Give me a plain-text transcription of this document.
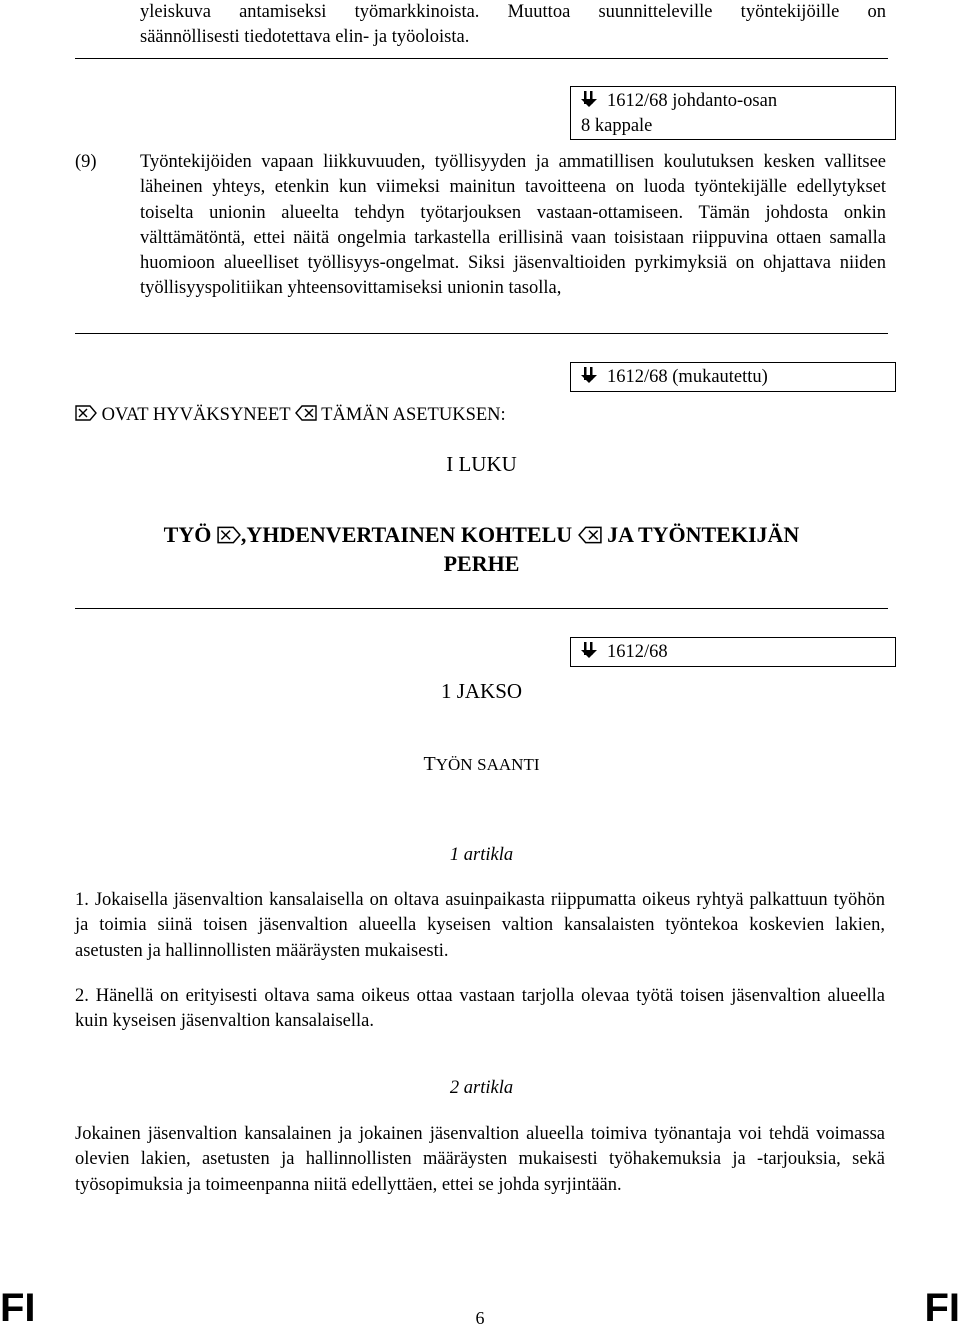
yleiskuva antamiseksi työmarkkinoista. Muuttoa suunnitteleville työntekijöille on
säännöllisesti tiedotettava elin- ja työoloista.
1612/68 johdanto-osan
8 kappale
(9) Työntekijöiden vapaan liikkuvuuden, työllisyyden ja ammatillisen koulutuksen kesken vallitsee läheinen yhteys, etenkin kun viimeksi mainitun tavoitteena on luoda työntekijälle edellytykset toiselta unionin alueelta tehdyn työtarjouksen vastaan-ottamiseen. Tämän johdosta onkin välttämätöntä, ettei näitä ongelmia tarkastella erillisinä vaan toisistaan riippuvina ottaen samalla huomioon alueelliset työllisyys-ongelmat. Siksi jäsenvaltioiden pyrkimyksiä on ohjattava niiden työllisyyspolitiikan yhteensovittamiseksi unionin tasolla,
1612/68 (mukautettu)
OVAT HYVÄKSYNEET TÄMÄN ASETUKSEN:
I LUKU
TYÖ ,YHDENVERTAINEN KOHTELU JA TYÖNTEKIJÄN
PERHE
1612/68
1 JAKSO
TYÖN SAANTI
1 artikla
1. Jokaisella jäsenvaltion kansalaisella on oltava asuinpaikasta riippumatta oikeus ryhtyä palkattuun työhön ja toimia siinä toisen jäsenvaltion alueella kyseisen valtion kansalaisten työntekoa koskevien lakien, asetusten ja hallinnollisten määräysten mukaisesti.
2. Hänellä on erityisesti oltava sama oikeus ottaa vastaan tarjolla olevaa työtä toisen jäsenvaltion alueella kuin kyseisen jäsenvaltion kansalaisella.
2 artikla
Jokainen jäsenvaltion kansalainen ja jokainen jäsenvaltion alueella toimiva työnantaja voi tehdä voimassa olevien lakien, asetusten ja hallinnollisten määräysten mukaisesti työhakemuksia ja -tarjouksia, sekä työsopimuksia ja toimeenpanna niitä edellyttäen, ettei se johda syrjintään.
FI	6	FI
